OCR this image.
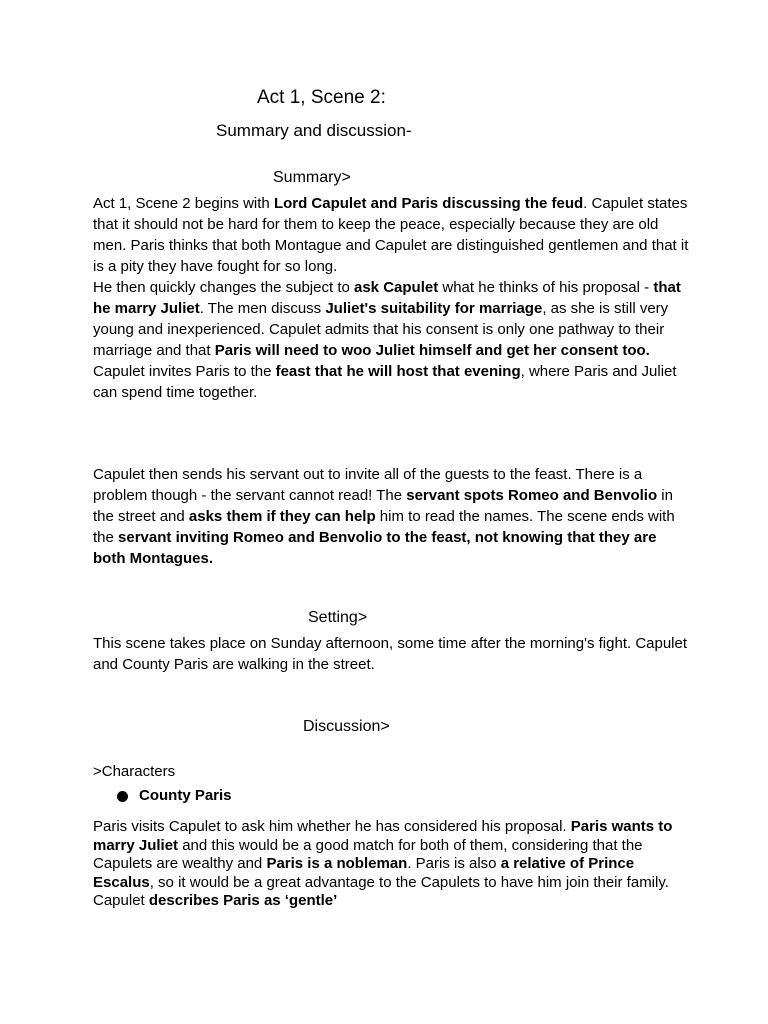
Act 1, Scene 2:
Summary and discussion-
Summary>

Act 1, Scene 2 begins with Lord Capulet and Paris discussing the feud. Capulet states that it should not be hard for them to keep the peace, especially because they are old men. Paris thinks that both Montague and Capulet are distinguished gentlemen and that it is a pity they have fought for so long.
He then quickly changes the subject to ask Capulet what he thinks of his proposal - that he marry Juliet. The men discuss Juliet's suitability for marriage, as she is still very young and inexperienced. Capulet admits that his consent is only one pathway to their marriage and that Paris will need to woo Juliet himself and get her consent too. Capulet invites Paris to the feast that he will host that evening, where Paris and Juliet can spend time together.

Capulet then sends his servant out to invite all of the guests to the feast. There is a problem though - the servant cannot read! The servant spots Romeo and Benvolio in the street and asks them if they can help him to read the names. The scene ends with the servant inviting Romeo and Benvolio to the feast, not knowing that they are both Montagues.

Setting>

This scene takes place on Sunday afternoon, some time after the morning's fight. Capulet and County Paris are walking in the street.

Discussion>

>Characters

County Paris

Paris visits Capulet to ask him whether he has considered his proposal. Paris wants to marry Juliet and this would be a good match for both of them, considering that the Capulets are wealthy and Paris is a nobleman. Paris is also a relative of Prince Escalus, so it would be a great advantage to the Capulets to have him join their family. Capulet describes Paris as ‘gentle’
